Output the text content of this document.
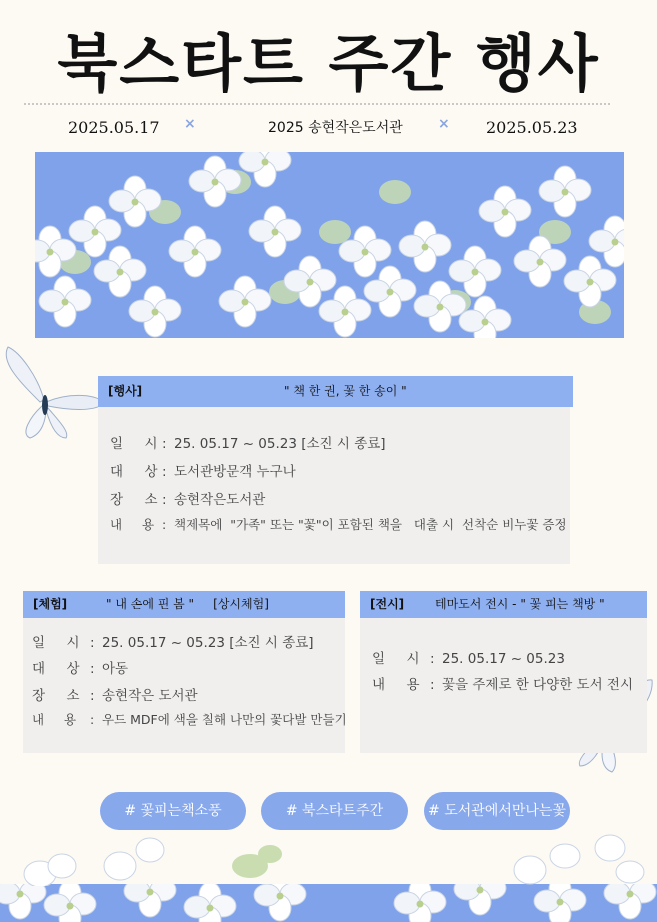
북스타트 주간 행사
2025.05.17 ×	2025 송현작은도서관	× 2025.05.23
[행사]	" 책 한 권, 꽃 한 송이 "
일     시 : 25. 05.17 ~ 05.23 [소진 시 종료]
대     상 : 도서관방문객 누구나
장     소 : 송현작은도서관
내     용 : 책제목에  "가족" 또는 "꽃"이 포함된 책을   대출 시  선착순 비누꽃 증정
[체험]	" 내 손에 핀 봄 "     [상시체험]
일     시 : 25. 05.17 ~ 05.23 [소진 시 종료]
대     상 : 아동
장     소 : 송현작은 도서관
내     용 : 우드 MDF에 색을 칠해 나만의 꽃다발 만들기
[전시]	테마도서 전시 - " 꽃 피는 책방 "
일     시 : 25. 05.17 ~ 05.23
내     용 : 꽃을 주제로 한 다양한 도서 전시
# 꽃피는책소풍	# 북스타트주간	# 도서관에서만나는꽃
